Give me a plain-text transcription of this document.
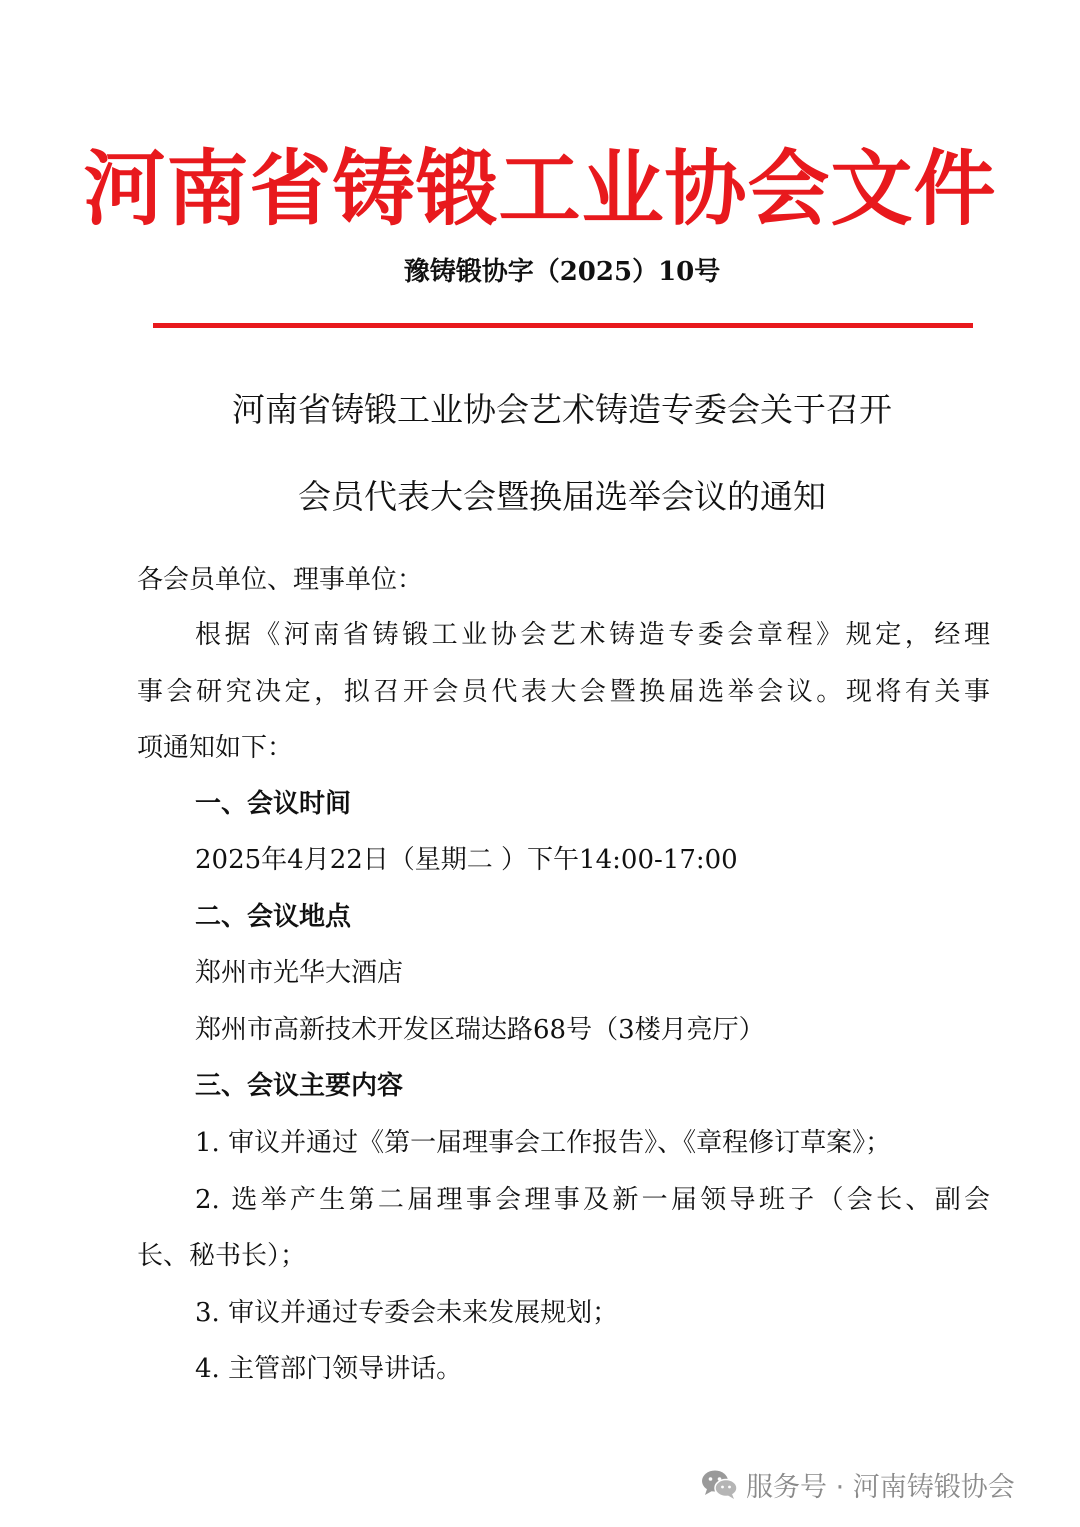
河南省铸锻工业协会文件
豫铸锻协字（2025）10号
河南省铸锻工业协会艺术铸造专委会关于召开
会员代表大会暨换届选举会议的通知
各会员单位、理事单位：
根据《河南省铸锻工业协会艺术铸造专委会章程》规定，经理
事会研究决定，拟召开会员代表大会暨换届选举会议。现将有关事
项通知如下：
一、会议时间
2025年4月22日（星期二 ）下午14:00-17:00
二、会议地点
郑州市光华大酒店
郑州市高新技术开发区瑞达路68号（3楼月亮厅）
三、会议主要内容
1. 审议并通过《第一届理事会工作报告》、《章程修订草案》；
2. 选举产生第二届理事会理事及新一届领导班子（会长、副会
长、秘书长）；
3. 审议并通过专委会未来发展规划；
4. 主管部门领导讲话。
服务号 · 河南铸锻协会
